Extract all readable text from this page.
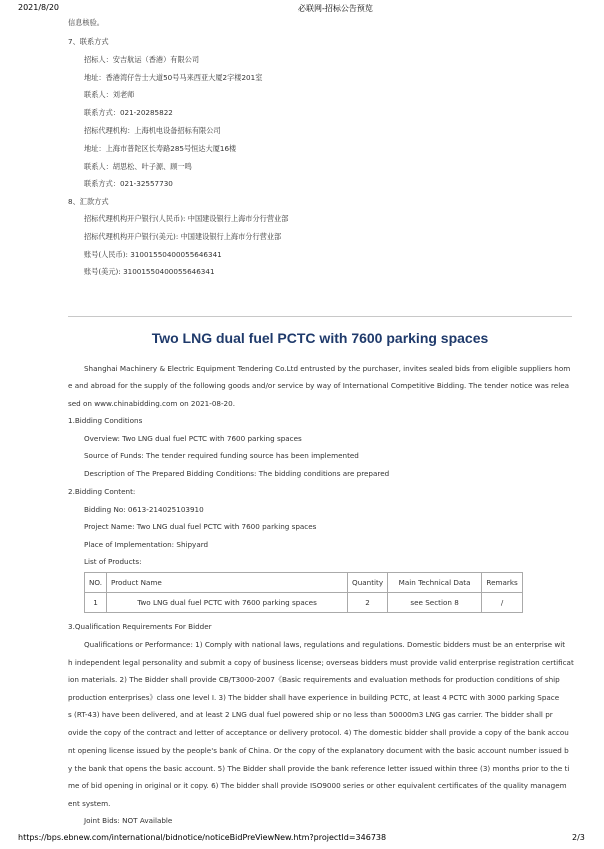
2021/8/20	必联网-招标公告预览
信息核验。
7、联系方式
招标人：安吉航运（香港）有限公司
地址：香港湾仔告士大道50号马来西亚大厦2字楼201室
联系人：刘老师
联系方式：021-20285822
招标代理机构：上海机电设备招标有限公司
地址：上海市普陀区长寿路285号恒达大厦16楼
联系人：胡思松、叶子源、顾一鸣
联系方式：021-32557730
8、汇款方式
招标代理机构开户银行(人民币): 中国建设银行上海市分行营业部
招标代理机构开户银行(美元): 中国建设银行上海市分行营业部
账号(人民币): 31001550400055646341
账号(美元): 31001550400055646341
Two LNG dual fuel PCTC with 7600 parking spaces
Shanghai Machinery & Electric Equipment Tendering Co.Ltd entrusted by the purchaser, invites sealed bids from eligible suppliers hom
e and abroad for the supply of the following goods and/or service by way of International Competitive Bidding. The tender notice was relea
sed on www.chinabidding.com on 2021-08-20.
1.Bidding Conditions
Overview: Two LNG dual fuel PCTC with 7600 parking spaces
Source of Funds: The tender required funding source has been implemented
Description of The Prepared Bidding Conditions: The bidding conditions are prepared
2.Bidding Content:
Bidding No: 0613-214025103910
Project Name: Two LNG dual fuel PCTC with 7600 parking spaces
Place of Implementation: Shipyard
List of Products:
NO.	Product Name	Quantity	Main Technical Data	Remarks
1	Two LNG dual fuel PCTC with 7600 parking spaces	2	see Section 8	/
3.Qualification Requirements For Bidder
Qualifications or Performance: 1) Comply with national laws, regulations and regulations. Domestic bidders must be an enterprise wit
h independent legal personality and submit a copy of business license; overseas bidders must provide valid enterprise registration certificat
ion materials. 2) The Bidder shall provide CB/T3000-2007《Basic requirements and evaluation methods for production conditions of ship
production enterprises》class one level I. 3) The bidder shall have experience in building PCTC, at least 4 PCTC with 3000 parking Space
s (RT-43) have been delivered, and at least 2 LNG dual fuel powered ship or no less than 50000m3 LNG gas carrier. The bidder shall pr
ovide the copy of the contract and letter of acceptance or delivery protocol. 4) The domestic bidder shall provide a copy of the bank accou
nt opening license issued by the people's bank of China. Or the copy of the explanatory document with the basic account number issued b
y the bank that opens the basic account. 5) The Bidder shall provide the bank reference letter issued within three (3) months prior to the ti
me of bid opening in original or it copy. 6) The bidder shall provide ISO9000 series or other equivalent certificates of the quality managem
ent system.
Joint Bids: NOT Available
https://bps.ebnew.com/international/bidnotice/noticeBidPreViewNew.htm?projectId=346738	2/3
